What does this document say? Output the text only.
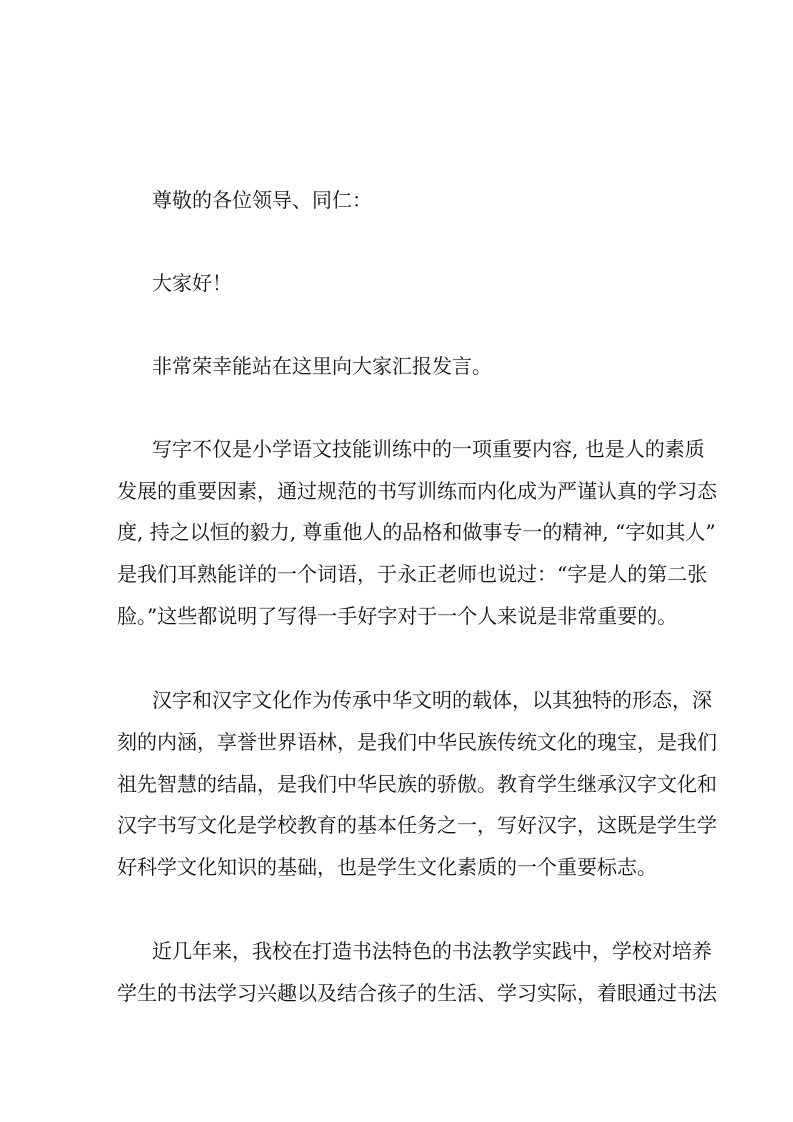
尊敬的各位领导、同仁：
大家好！
非常荣幸能站在这里向大家汇报发言。
写字不仅是小学语文技能训练中的一项重要内容, 也是人的素质
发展的重要因素，通过规范的书写训练而内化成为严谨认真的学习态
度, 持之以恒的毅力, 尊重他人的品格和做事专一的精神, “字如其人”
是我们耳熟能详的一个词语，于永正老师也说过：“字是人的第二张
脸。”这些都说明了写得一手好字对于一个人来说是非常重要的。
汉字和汉字文化作为传承中华文明的载体，以其独特的形态，深
刻的内涵，享誉世界语林，是我们中华民族传统文化的瑰宝，是我们
祖先智慧的结晶，是我们中华民族的骄傲。教育学生继承汉字文化和
汉字书写文化是学校教育的基本任务之一，写好汉字，这既是学生学
好科学文化知识的基础，也是学生文化素质的一个重要标志。
近几年来，我校在打造书法特色的书法教学实践中，学校对培养
学生的书法学习兴趣以及结合孩子的生活、学习实际，着眼通过书法
